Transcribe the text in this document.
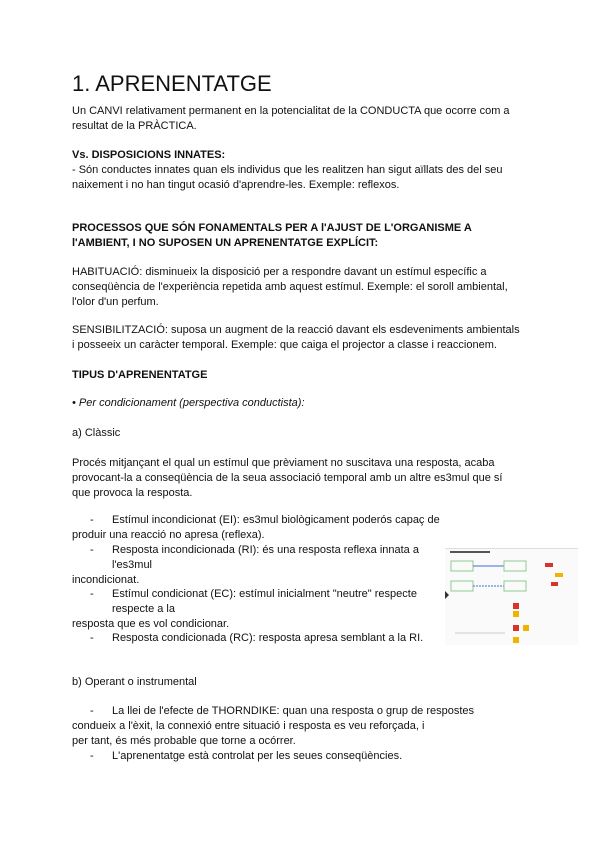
1. APRENENTATGE

Un CANVI relativament permanent en la potencialitat de la CONDUCTA que ocorre com a
resultat de la PRÀCTICA.

Vs. DISPOSICIONS INNATES:

- Són conductes innates quan els individus que les realitzen han sigut aïllats des del seu
naixement i no han tingut ocasió d'aprendre-les. Exemple: reflexos.

PROCESSOS QUE SÓN FONAMENTALS PER A l'AJUST DE L'ORGANISME A
l'AMBIENT, I NO SUPOSEN UN APRENENTATGE EXPLÍCIT:

HABITUACIÓ: disminueix la disposició per a respondre davant un estímul específic a
conseqüència de l'experiència repetida amb aquest estímul. Exemple: el soroll ambiental,
l'olor d'un perfum.

SENSIBILITZACIÓ: suposa un augment de la reacció davant els esdeveniments ambientals
i posseeix un caràcter temporal. Exemple: que caiga el projector a classe i reaccionem.

TIPUS D'APRENENTATGE

• Per condicionament (perspectiva conductista):

a) Clàssic

Procés mitjançant el qual un estímul que prèviament no suscitava una resposta, acaba
provocant-la a conseqüència de la seua associació temporal amb un altre es3mul que sí
que provoca la resposta.

-	Estímul incondicionat (EI): es3mul biològicament poderós capaç de
produir una reacció no apresa (reflexa).
-	Resposta incondicionada (RI): és una resposta reflexa innata a
l'es3mul
incondicionat.
-	Estímul condicionat (EC): estímul inicialment "neutre" respecte
respecte a la
resposta que es vol condicionar.
-	Resposta condicionada (RC): resposta apresa semblant a la RI.

b) Operant o instrumental

-	La llei de l'efecte de THORNDIKE: quan una resposta o grup de respostes
condueix a l'èxit, la connexió entre situació i resposta es veu reforçada, i
per tant, és més probable que torne a ocórrer.
-	L'aprenentatge està controlat per les seues conseqüències.
